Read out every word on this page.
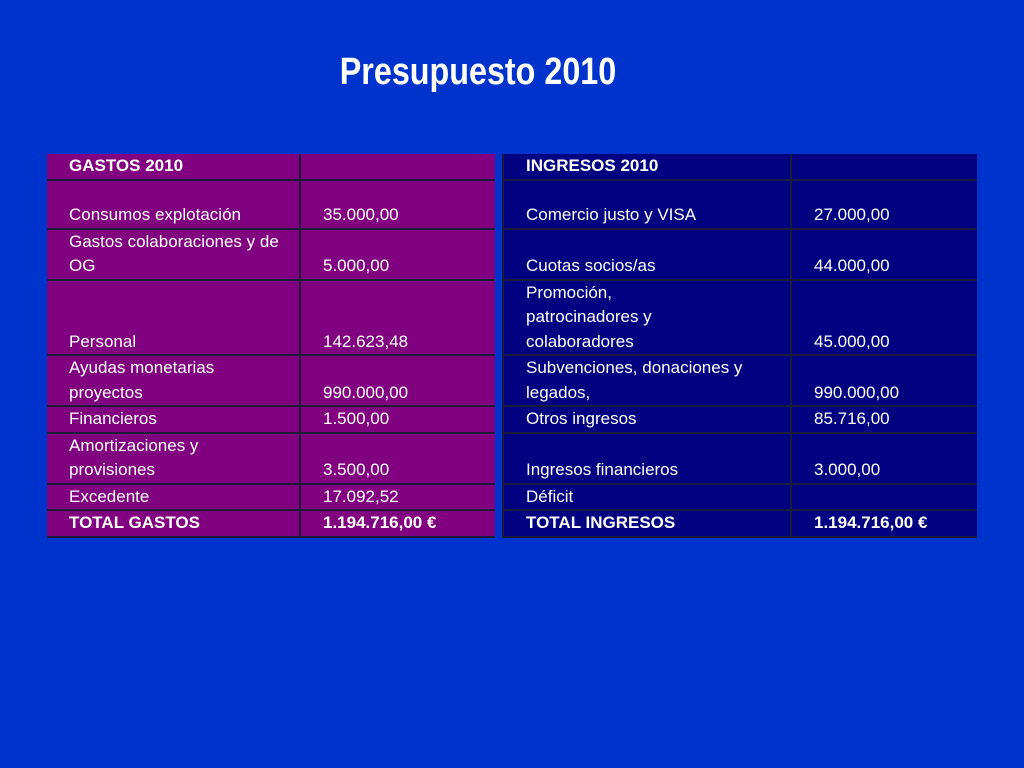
Presupuesto 2010
GASTOS 2010			INGRESOS 2010	
Consumos explotación	35.000,00		Comercio justo y VISA	27.000,00
Gastos colaboraciones y de OG	5.000,00		Cuotas socios/as	44.000,00
Personal	142.623,48		Promoción, patrocinadores y colaboradores	45.000,00
Ayudas monetarias proyectos	990.000,00		Subvenciones, donaciones y legados,	990.000,00
Financieros	1.500,00		Otros ingresos	85.716,00
Amortizaciones y provisiones	3.500,00		Ingresos financieros	3.000,00
Excedente	17.092,52		Déficit	
TOTAL GASTOS	1.194.716,00 €		TOTAL INGRESOS	1.194.716,00 €
